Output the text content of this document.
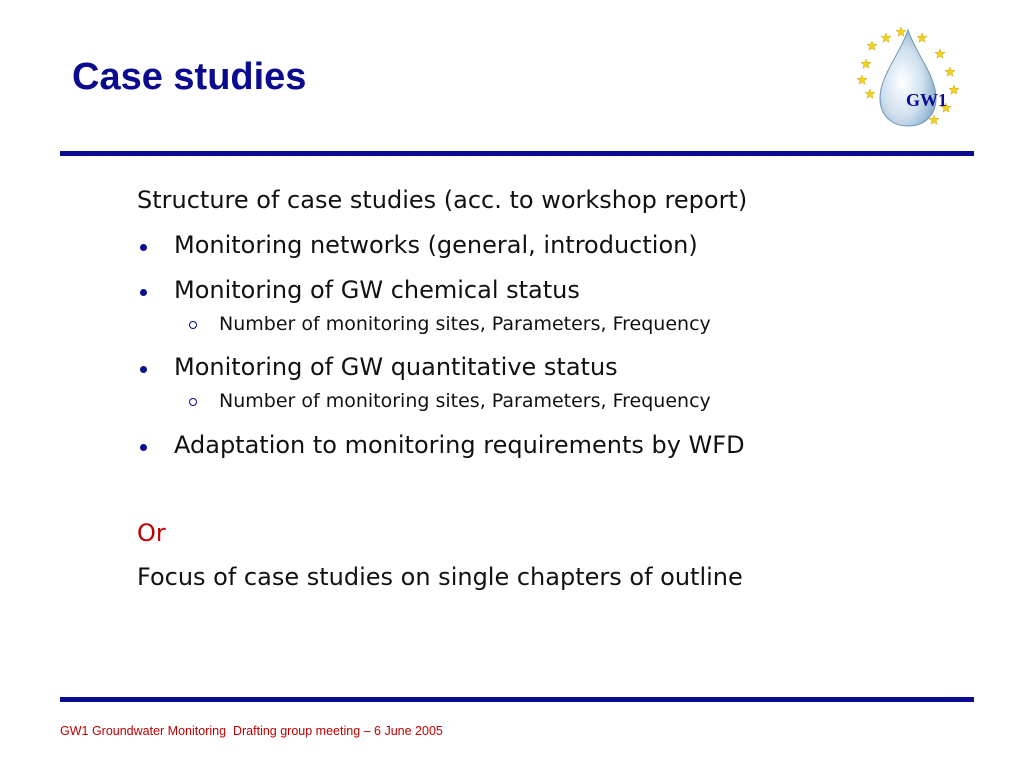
Case studies
GW1
Structure of case studies (acc. to workshop report)
Monitoring networks (general, introduction)
Monitoring of GW chemical status
Number of monitoring sites, Parameters, Frequency
Monitoring of GW quantitative status
Number of monitoring sites, Parameters, Frequency
Adaptation to monitoring requirements by WFD
Or
Focus of case studies on single chapters of outline
GW1 Groundwater Monitoring  Drafting group meeting – 6 June 2005
